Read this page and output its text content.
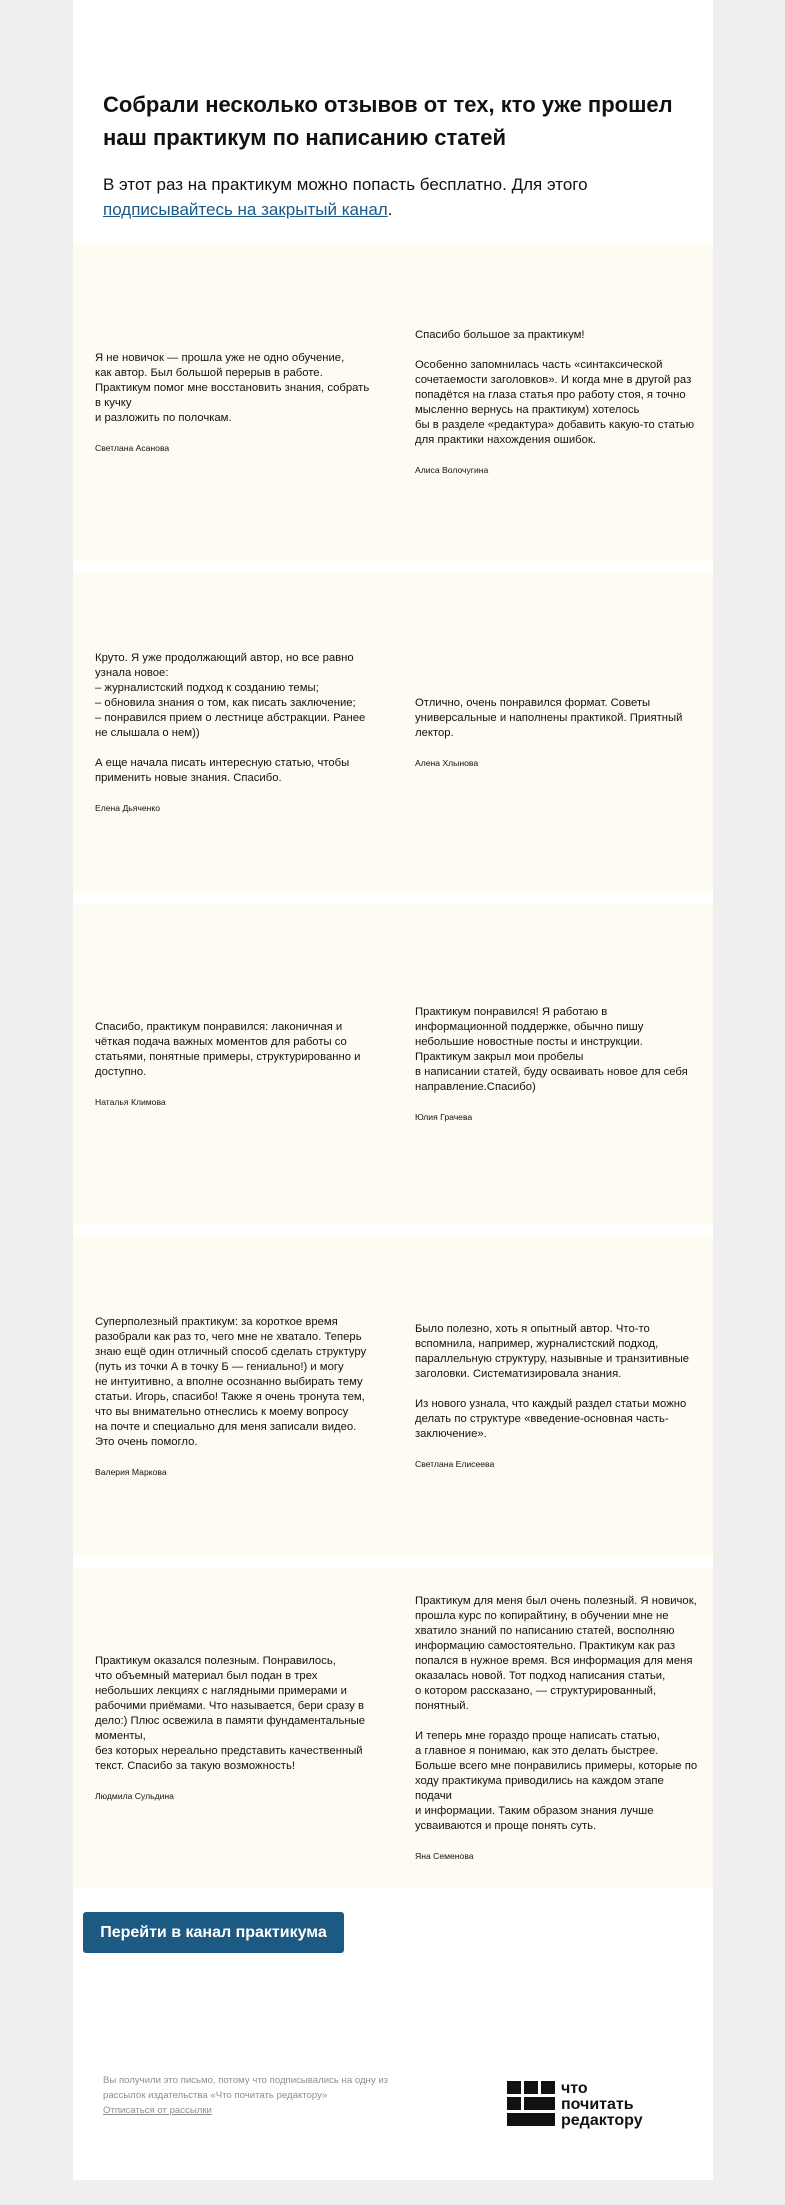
Собрали несколько отзывов от тех, кто уже прошел наш практикум по написанию статей

В этот раз на практикум можно попасть бесплатно. Для этого подписывайтесь на закрытый канал.

Я не новичок — прошла уже не одно обучение,
как автор. Был большой перерыв в работе. Практикум помог мне восстановить знания, собрать в кучку
и разложить по полочкам.
Светлана Асанова
Спасибо большое за практикум!

Особенно запомнилась часть «синтаксической сочетаемости заголовков». И когда мне в другой раз попадётся на глаза статья про работу стоя, я точно мысленно вернусь на практикум) хотелось
бы в разделе «редактура» добавить какую-то статью для практики нахождения ошибок.
Алиса Волочугина
Круто. Я уже продолжающий автор, но все равно узнала новое:
– журналистский подход к созданию темы;
– обновила знания о том, как писать заключение;
– понравился прием о лестнице абстракции. Ранее не слышала о нем))

А еще начала писать интересную статью, чтобы применить новые знания. Спасибо.
Елена Дьяченко
Отлично, очень понравился формат. Советы универсальные и наполнены практикой. Приятный лектор.
Алена Хлынова
Спасибо, практикум понравился: лаконичная и чёткая подача важных моментов для работы со статьями, понятные примеры, структурированно и доступно.
Наталья Климова
Практикум понравился! Я работаю в информационной поддержке, обычно пишу небольшие новостные посты и инструкции. Практикум закрыл мои пробелы
в написании статей, буду осваивать новое для себя направление.Спасибо)
Юлия Грачева
Суперполезный практикум: за короткое время разобрали как раз то, чего мне не хватало. Теперь знаю ещё один отличный способ сделать структуру (путь из точки А в точку Б — гениально!) и могу
не интуитивно, а вполне осознанно выбирать тему статьи. Игорь, спасибо! Также я очень тронута тем, что вы внимательно отнеслись к моему вопросу
на почте и специально для меня записали видео.
Это очень помогло.
Валерия Маркова
Было полезно, хоть я опытный автор. Что-то вспомнила, например, журналистский подход, параллельную структуру, назывные и транзитивные заголовки. Систематизировала знания.

Из нового узнала, что каждый раздел статьи можно делать по структуре «введение-основная часть-заключение».
Светлана Елисеева
Практикум оказался полезным. Понравилось,
что объемный материал был подан в трех небольших лекциях с наглядными примерами и рабочими приёмами. Что называется, бери сразу в дело:) Плюс освежила в памяти фундаментальные моменты,
без которых нереально представить качественный текст. Спасибо за такую возможность!
Людмила Сульдина
Практикум для меня был очень полезный. Я новичок, прошла курс по копирайтину, в обучении мне не хватило знаний по написанию статей, восполняю информацию самостоятельно. Практикум как раз попался в нужное время. Вся информация для меня оказалась новой. Тот подход написания статьи,
о котором рассказано, — структурированный, понятный.

И теперь мне гораздо проще написать статью,
а главное я понимаю, как это делать быстрее. Больше всего мне понравились примеры, которые по ходу практикума приводились на каждом этапе подачи
и информации. Таким образом знания лучше усваиваются и проще понять суть.
Яна Семенова
Перейти в канал практикума
Вы получили это письмо, потому что подписывались на одну из рассылок издательства «Что почитать редактору»
Отписаться от рассылки
что
почитать
редактору
